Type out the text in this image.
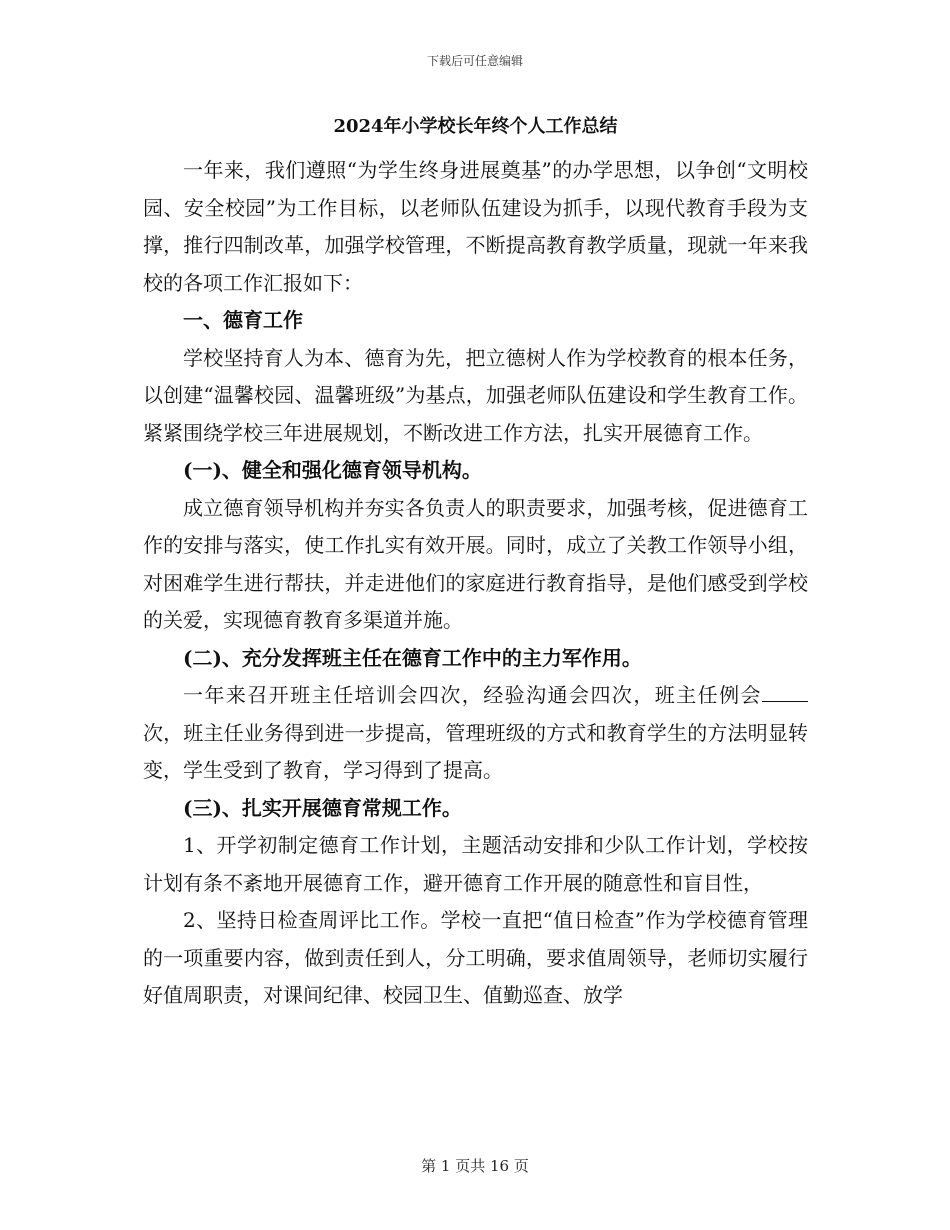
下载后可任意编辑
2024年小学校长年终个人工作总结

一年来，我们遵照“为学生终身进展奠基”的办学思想，以争创“文明校园、安全校园”为工作目标，以老师队伍建设为抓手，以现代教育手段为支撑，推行四制改革，加强学校管理，不断提高教育教学质量，现就一年来我校的各项工作汇报如下：

一、德育工作

学校坚持育人为本、德育为先，把立德树人作为学校教育的根本任务，以创建“温馨校园、温馨班级”为基点，加强老师队伍建设和学生教育工作。紧紧围绕学校三年进展规划，不断改进工作方法，扎实开展德育工作。

(一)、健全和强化德育领导机构。

成立德育领导机构并夯实各负责人的职责要求，加强考核，促进德育工作的安排与落实，使工作扎实有效开展。同时，成立了关教工作领导小组，对困难学生进行帮扶，并走进他们的家庭进行教育指导，是他们感受到学校的关爱，实现德育教育多渠道并施。

(二)、充分发挥班主任在德育工作中的主力军作用。

一年来召开班主任培训会四次，经验沟通会四次，班主任例会次，班主任业务得到进一步提高，管理班级的方式和教育学生的方法明显转变，学生受到了教育，学习得到了提高。

(三)、扎实开展德育常规工作。

1、开学初制定德育工作计划，主题活动安排和少队工作计划，学校按计划有条不紊地开展德育工作，避开德育工作开展的随意性和盲目性，

2、坚持日检查周评比工作。学校一直把“值日检查”作为学校德育管理的一项重要内容，做到责任到人，分工明确，要求值周领导，老师切实履行好值周职责，对课间纪律、校园卫生、值勤巡查、放学

第 1 页共 16 页
